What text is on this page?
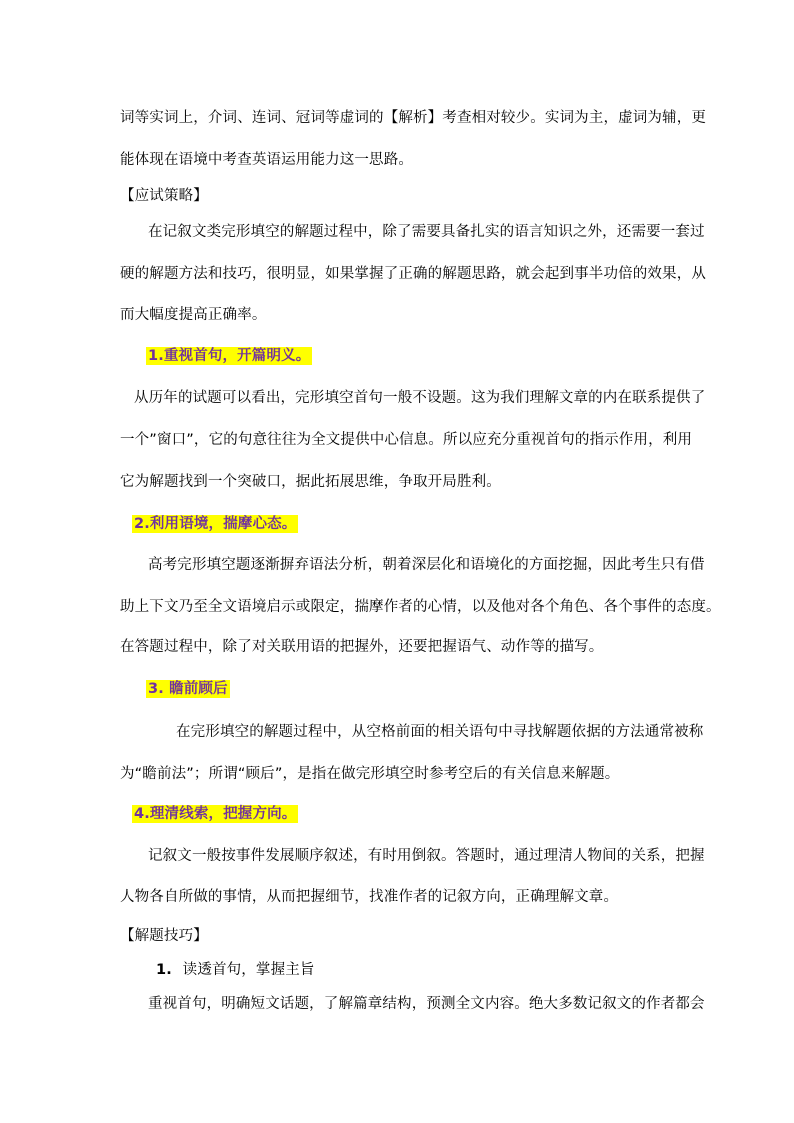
词等实词上，介词、连词、冠词等虚词的【解析】考查相对较少。实词为主，虚词为辅，更
能体现在语境中考查英语运用能力这一思路。
【应试策略】
在记叙文类完形填空的解题过程中，除了需要具备扎实的语言知识之外，还需要一套过
硬的解题方法和技巧，很明显，如果掌握了正确的解题思路，就会起到事半功倍的效果，从
而大幅度提高正确率。
1.重视首句，开篇明义。
从历年的试题可以看出，完形填空首句一般不设题。这为我们理解文章的内在联系提供了
一个”窗口”，它的句意往往为全文提供中心信息。所以应充分重视首句的指示作用，利用
它为解题找到一个突破口，据此拓展思维，争取开局胜利。
2.利用语境，揣摩心态。
高考完形填空题逐渐摒弃语法分析，朝着深层化和语境化的方面挖掘，因此考生只有借
助上下文乃至全文语境启示或限定，揣摩作者的心情，以及他对各个角色、各个事件的态度。
在答题过程中，除了对关联用语的把握外，还要把握语气、动作等的描写。
3. 瞻前顾后
在完形填空的解题过程中，从空格前面的相关语句中寻找解题依据的方法通常被称
为“瞻前法”；所谓“顾后”，是指在做完形填空时参考空后的有关信息来解题。
4.理清线索，把握方向。
记叙文一般按事件发展顺序叙述，有时用倒叙。答题时，通过理清人物间的关系，把握
人物各自所做的事情，从而把握细节，找准作者的记叙方向，正确理解文章。
【解题技巧】
1. 读透首句，掌握主旨
重视首句，明确短文话题，了解篇章结构，预测全文内容。绝大多数记叙文的作者都会
